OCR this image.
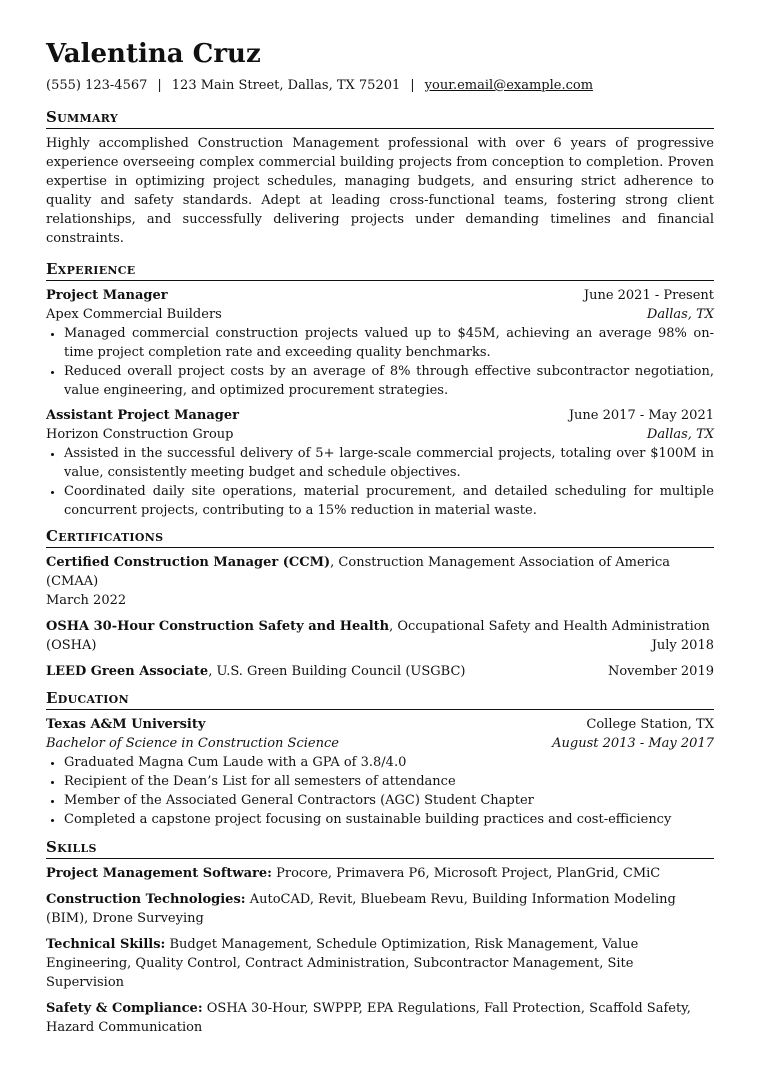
Valentina Cruz
(555) 123-4567 | 123 Main Street, Dallas, TX 75201 | your.email@example.com
Summary
Highly accomplished Construction Management professional with over 6 years of progressive experience overseeing complex commercial building projects from conception to completion. Proven expertise in optimizing project schedules, managing budgets, and ensuring strict adherence to quality and safety standards. Adept at leading cross-functional teams, fostering strong client relationships, and successfully delivering projects under demanding timelines and financial constraints.
Experience
Project Manager	June 2021 - Present
Apex Commercial Builders	Dallas, TX
• Managed commercial construction projects valued up to $45M, achieving an average 98% on-time project completion rate and exceeding quality benchmarks.
• Reduced overall project costs by an average of 8% through effective subcontractor negotiation, value engineering, and optimized procurement strategies.
Assistant Project Manager	June 2017 - May 2021
Horizon Construction Group	Dallas, TX
• Assisted in the successful delivery of 5+ large-scale commercial projects, totaling over $100M in value, consistently meeting budget and schedule objectives.
• Coordinated daily site operations, material procurement, and detailed scheduling for multiple concurrent projects, contributing to a 15% reduction in material waste.
Certifications
Certified Construction Manager (CCM), Construction Management Association of America (CMAA)
March 2022
OSHA 30-Hour Construction Safety and Health, Occupational Safety and Health Administration (OSHA)	July 2018
LEED Green Associate, U.S. Green Building Council (USGBC)	November 2019
Education
Texas A&M University	College Station, TX
Bachelor of Science in Construction Science	August 2013 - May 2017
• Graduated Magna Cum Laude with a GPA of 3.8/4.0
• Recipient of the Dean’s List for all semesters of attendance
• Member of the Associated General Contractors (AGC) Student Chapter
• Completed a capstone project focusing on sustainable building practices and cost-efficiency
Skills
Project Management Software: Procore, Primavera P6, Microsoft Project, PlanGrid, CMiC
Construction Technologies: AutoCAD, Revit, Bluebeam Revu, Building Information Modeling (BIM), Drone Surveying
Technical Skills: Budget Management, Schedule Optimization, Risk Management, Value Engineering, Quality Control, Contract Administration, Subcontractor Management, Site Supervision
Safety & Compliance: OSHA 30-Hour, SWPPP, EPA Regulations, Fall Protection, Scaffold Safety, Hazard Communication
